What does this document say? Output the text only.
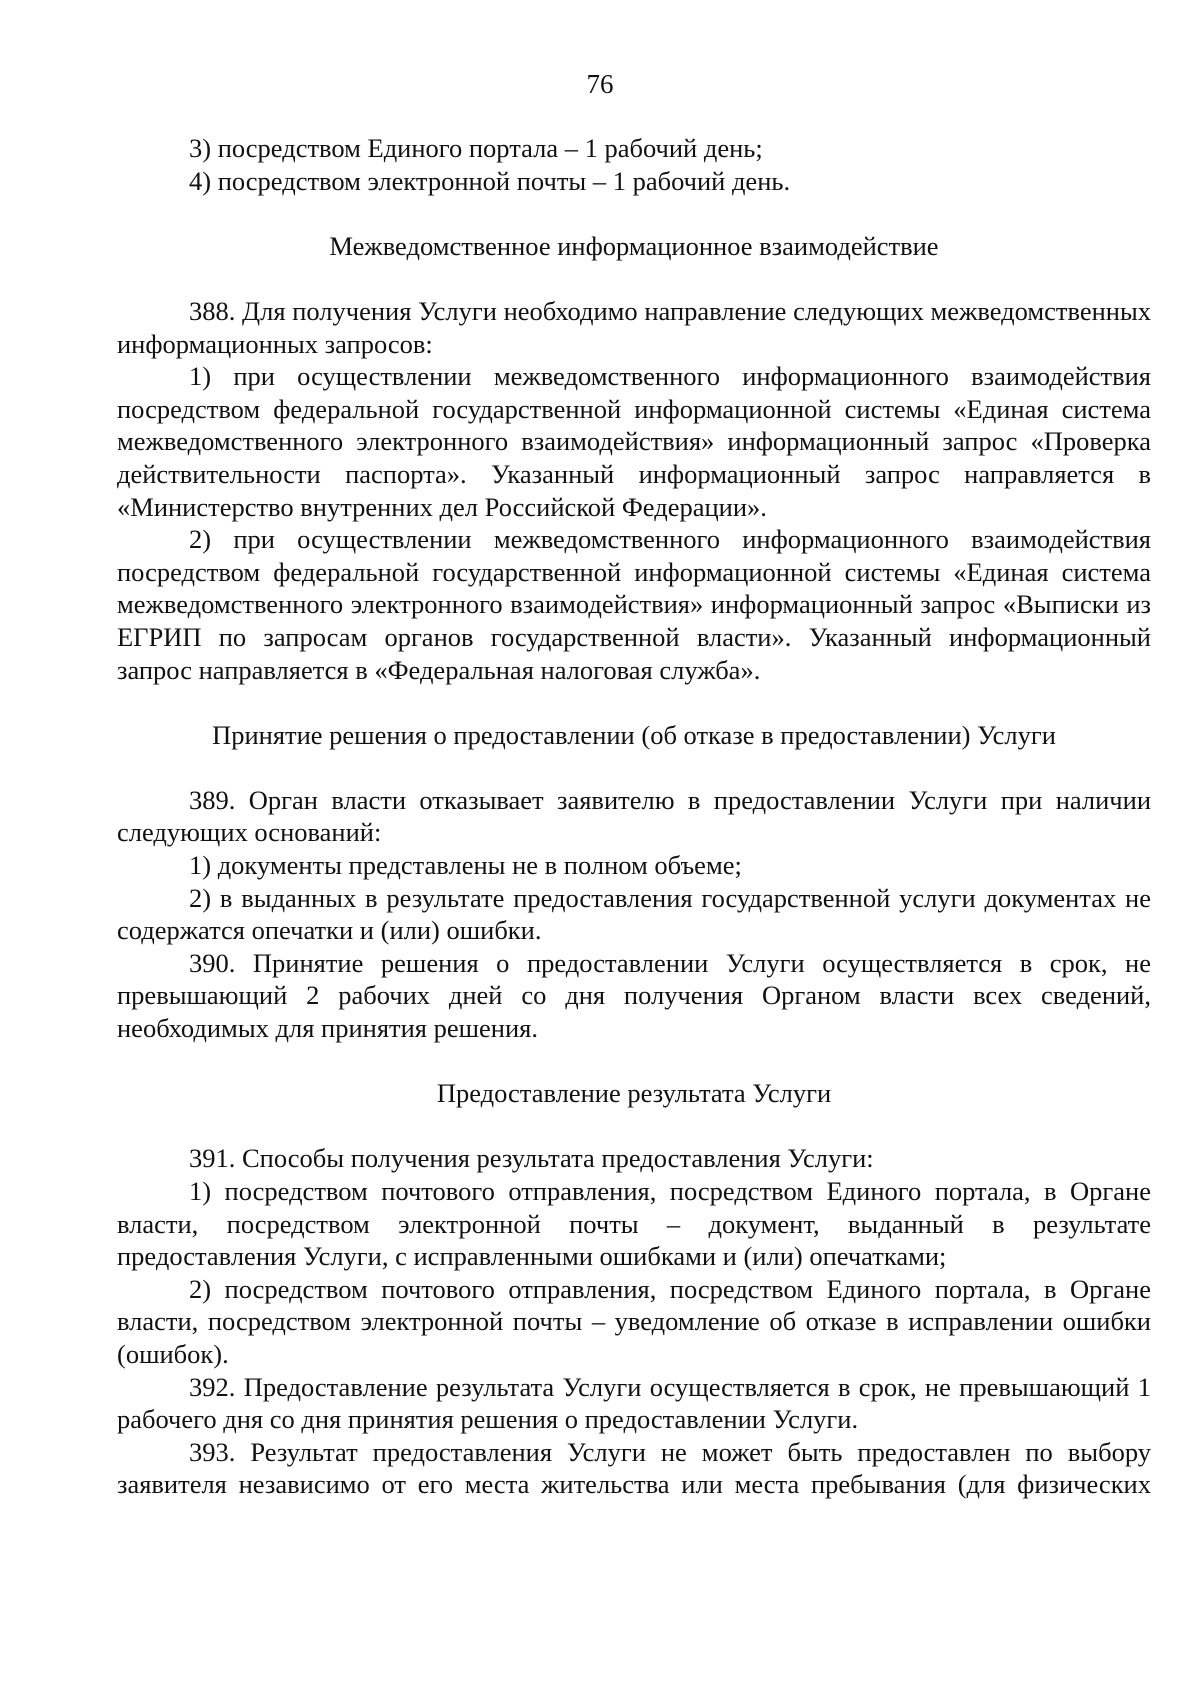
76

3) посредством Единого портала – 1 рабочий день;

4) посредством электронной почты – 1 рабочий день.

Межведомственное информационное взаимодействие

388. Для получения Услуги необходимо направление следующих межведомственных информационных запросов:

1) при осуществлении межведомственного информационного взаимодействия посредством федеральной государственной информационной системы «Единая система межведомственного электронного взаимодействия» информационный запрос «Проверка действительности паспорта». Указанный информационный запрос направляется в «Министерство внутренних дел Российской Федерации».

2) при осуществлении межведомственного информационного взаимодействия посредством федеральной государственной информационной системы «Единая система межведомственного электронного взаимодействия» информационный запрос «Выписки из ЕГРИП по запросам органов государственной власти». Указанный информационный запрос направляется в «Федеральная налоговая служба».

Принятие решения о предоставлении (об отказе в предоставлении) Услуги

389. Орган власти отказывает заявителю в предоставлении Услуги при наличии следующих оснований:

1) документы представлены не в полном объеме;

2) в выданных в результате предоставления государственной услуги документах не содержатся опечатки и (или) ошибки.

390. Принятие решения о предоставлении Услуги осуществляется в срок, не превышающий 2 рабочих дней со дня получения Органом власти всех сведений, необходимых для принятия решения.

Предоставление результата Услуги

391. Способы получения результата предоставления Услуги:

1) посредством почтового отправления, посредством Единого портала, в Органе власти, посредством электронной почты – документ, выданный в результате предоставления Услуги, с исправленными ошибками и (или) опечатками;

2) посредством почтового отправления, посредством Единого портала, в Органе власти, посредством электронной почты – уведомление об отказе в исправлении ошибки (ошибок).

392. Предоставление результата Услуги осуществляется в срок, не превышающий 1 рабочего дня со дня принятия решения о предоставлении Услуги.

393. Результат предоставления Услуги не может быть предоставлен по выбору заявителя независимо от его места жительства или места пребывания (для физических
